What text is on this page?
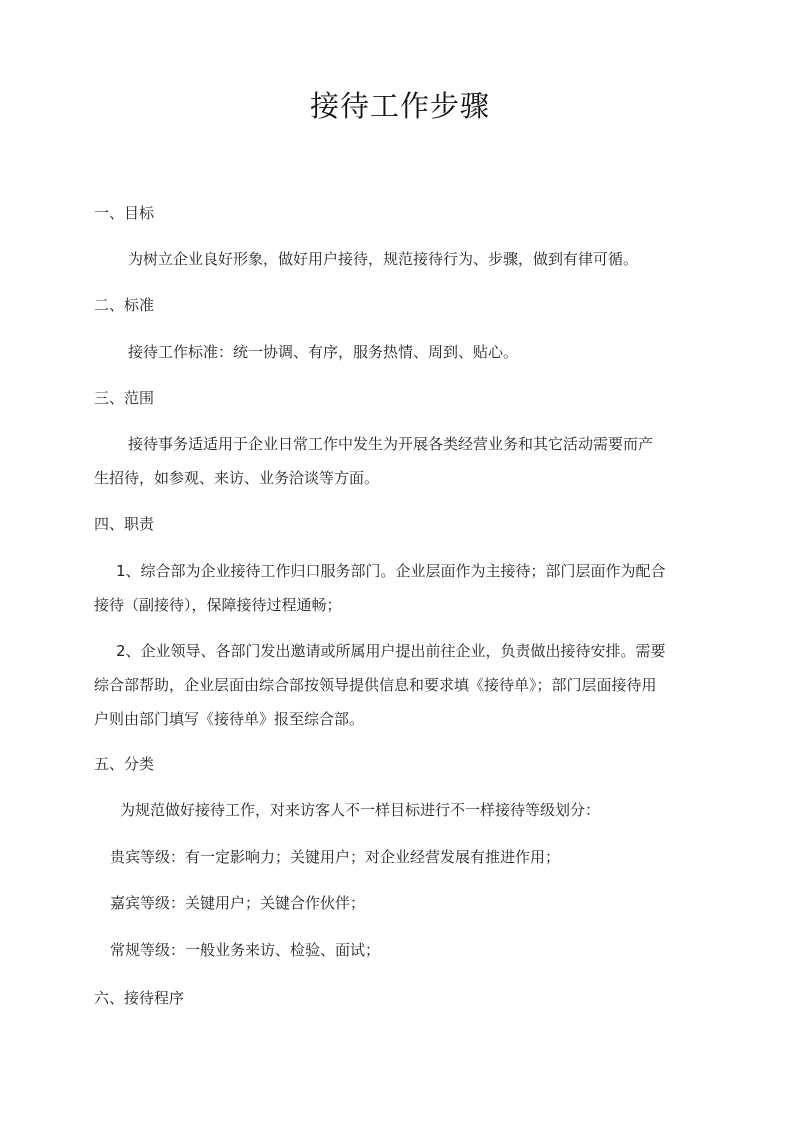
接待工作步骤
一、目标
为树立企业良好形象，做好用户接待，规范接待行为、步骤，做到有律可循。
二、标准
接待工作标准：统一协调、有序，服务热情、周到、贴心。
三、范围
接待事务适适用于企业日常工作中发生为开展各类经营业务和其它活动需要而产
生招待，如参观、来访、业务洽谈等方面。
四、职责
1、综合部为企业接待工作归口服务部门。企业层面作为主接待；部门层面作为配合
接待（副接待），保障接待过程通畅；
2、企业领导、各部门发出邀请或所属用户提出前往企业，负责做出接待安排。需要
综合部帮助，企业层面由综合部按领导提供信息和要求填《接待单》；部门层面接待用
户则由部门填写《接待单》报至综合部。
五、分类
为规范做好接待工作，对来访客人不一样目标进行不一样接待等级划分：
贵宾等级：有一定影响力；关键用户；对企业经营发展有推进作用；
嘉宾等级：关键用户；关键合作伙伴；
常规等级：一般业务来访、检验、面试；
六、接待程序
